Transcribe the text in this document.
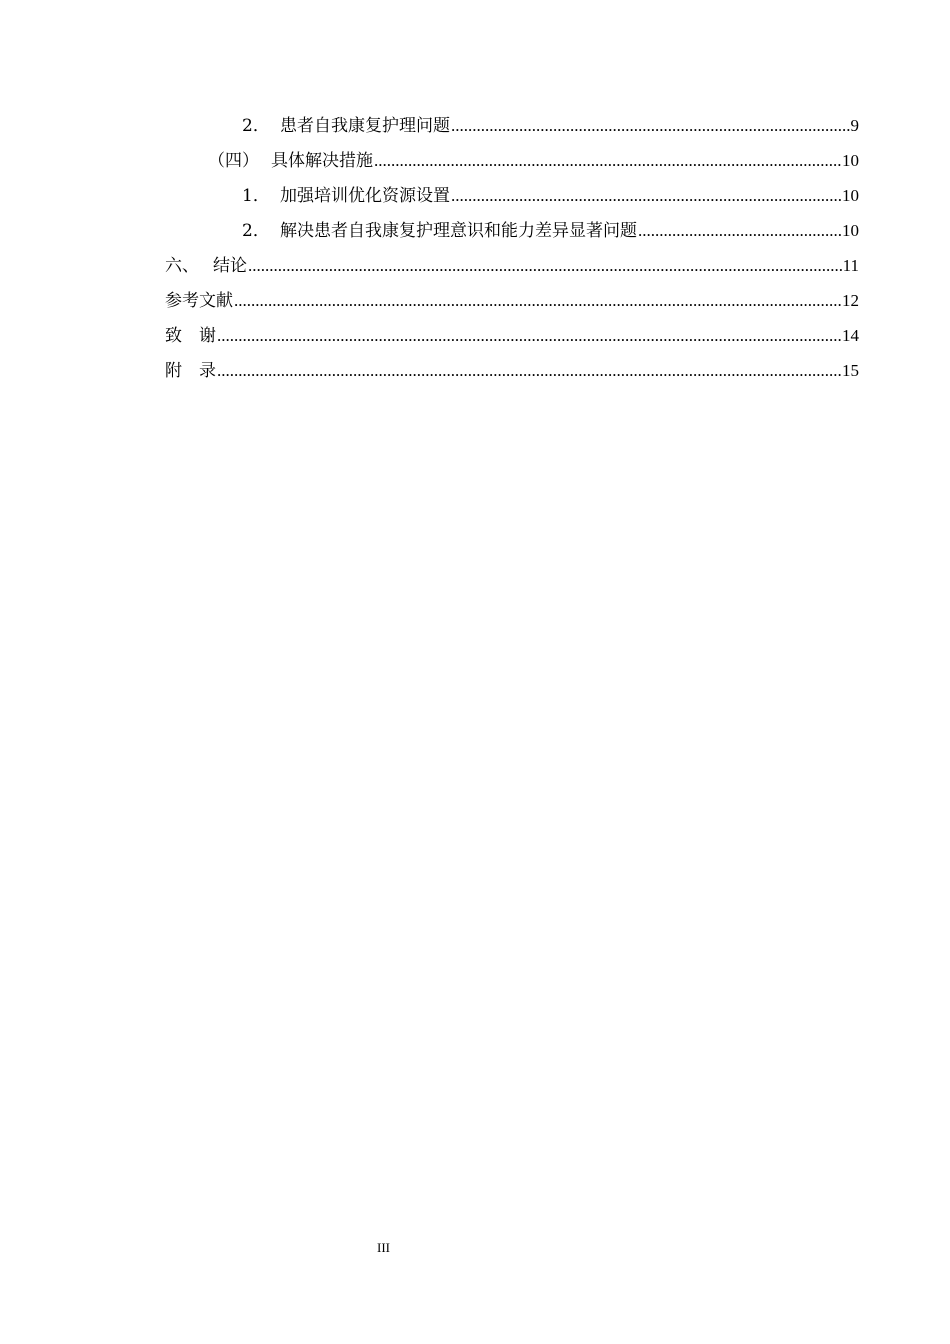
2． 患者自我康复护理问题 .....	9
（四） 具体解决措施 .....	10
1． 加强培训优化资源设置 .....	10
2． 解决患者自我康复护理意识和能力差异显著问题 .....	10
六、 结论 .....	11
参考文献 .....	12
致　谢 .....	14
附　录 .....	15
III
